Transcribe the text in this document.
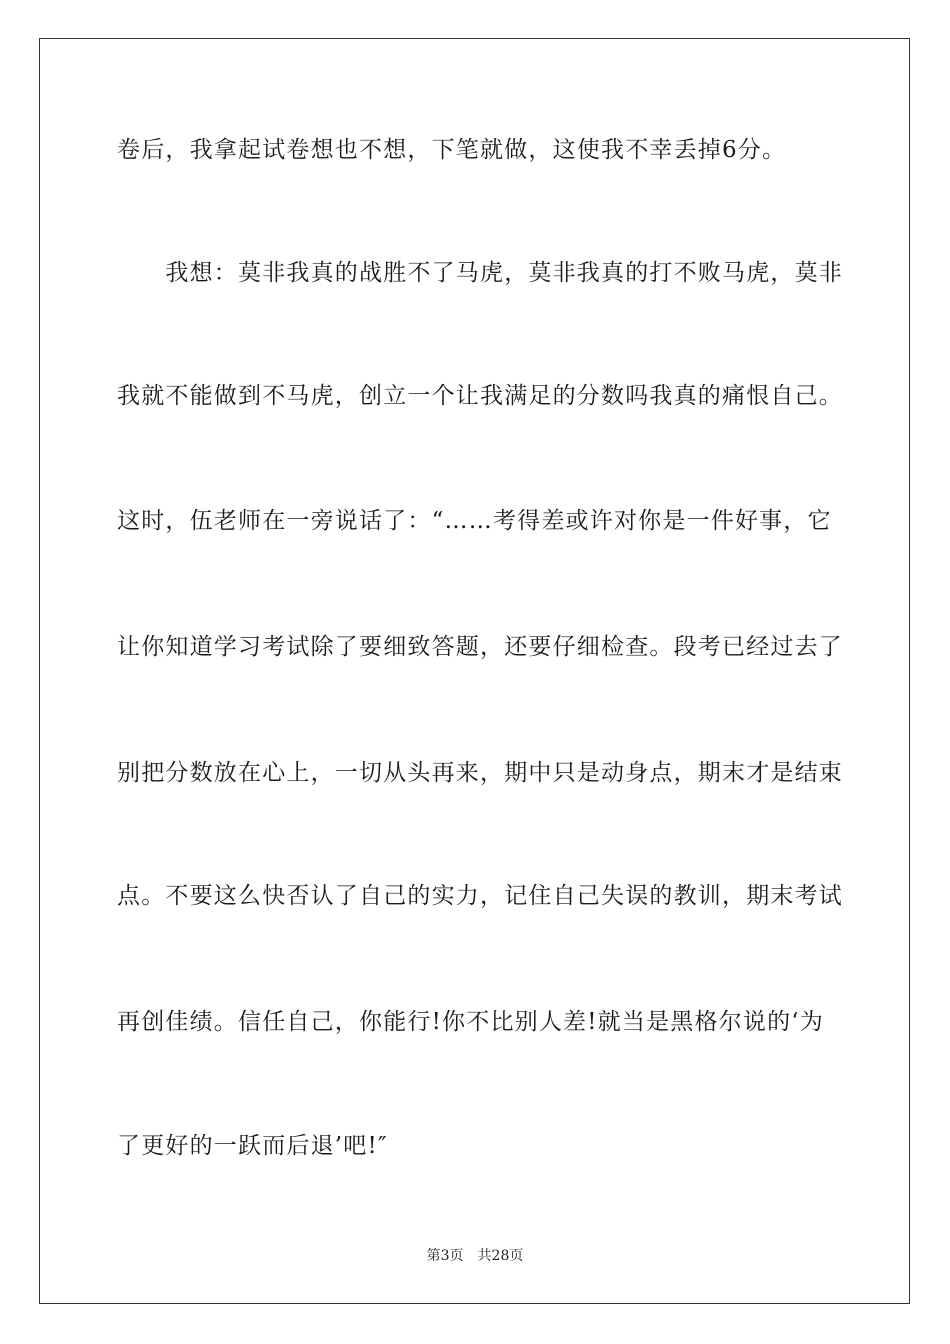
卷后，我拿起试卷想也不想，下笔就做，这使我不幸丢掉6分。
　　我想：莫非我真的战胜不了马虎，莫非我真的打不败马虎，莫非
我就不能做到不马虎，创立一个让我满足的分数吗我真的痛恨自己。
这时，伍老师在一旁说话了：“……考得差或许对你是一件好事，它
让你知道学习考试除了要细致答题，还要仔细检查。段考已经过去了
别把分数放在心上，一切从头再来，期中只是动身点，期末才是结束
点。不要这么快否认了自己的实力，记住自己失误的教训，期末考试
再创佳绩。信任自己，你能行!你不比别人差!就当是黑格尔说的‘为
了更好的一跃而后退’吧!″
第3页 共28页
